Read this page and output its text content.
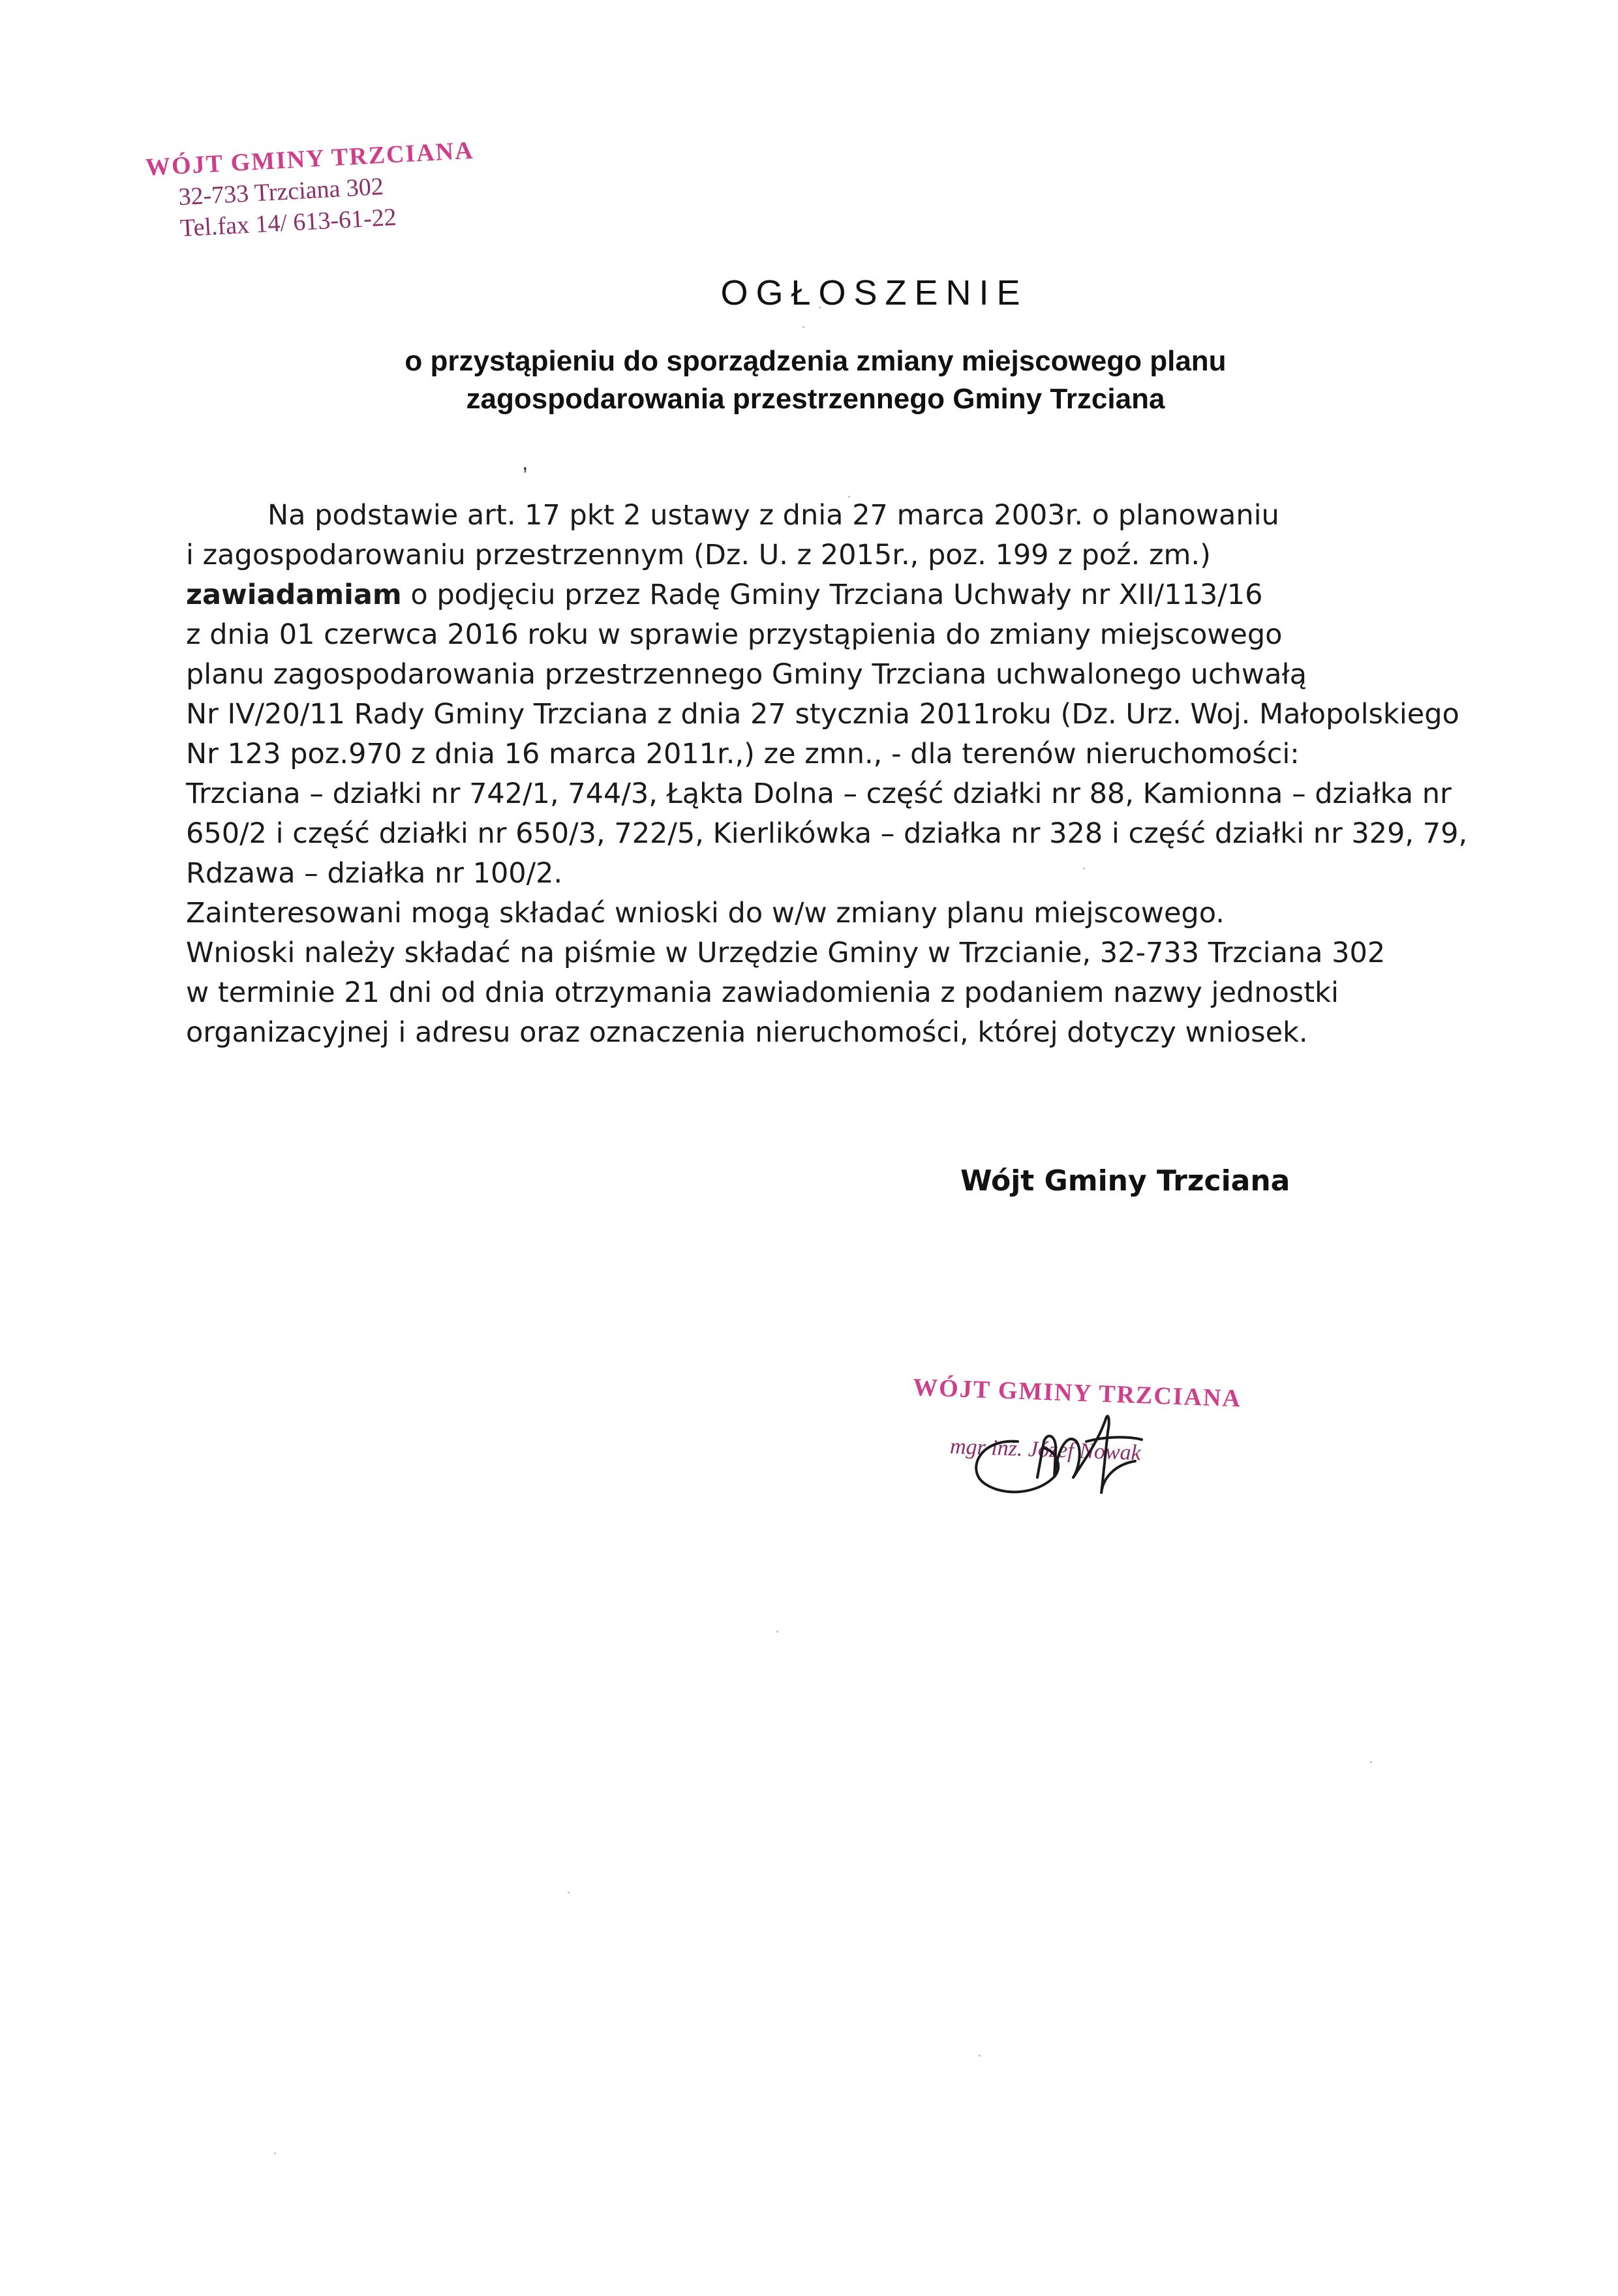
WÓJT GMINY TRZCIANA
32-733 Trzciana 302
Tel.fax 14/ 613-61-22
OGŁOSZENIE
o przystąpieniu do sporządzenia zmiany miejscowego planu
zagospodarowania przestrzennego Gminy Trzciana
,
Na podstawie art. 17 pkt 2 ustawy z dnia 27 marca 2003r. o planowaniu
i zagospodarowaniu przestrzennym (Dz. U. z 2015r., poz. 199 z poź. zm.)
zawiadamiam o podjęciu przez Radę Gminy Trzciana Uchwały nr XII/113/16
z dnia 01 czerwca 2016 roku w sprawie przystąpienia do zmiany miejscowego
planu zagospodarowania przestrzennego Gminy Trzciana uchwalonego uchwałą
Nr IV/20/11 Rady Gminy Trzciana z dnia 27 stycznia 2011roku (Dz. Urz. Woj. Małopolskiego
Nr 123 poz.970 z dnia 16 marca 2011r.,) ze zmn., - dla terenów nieruchomości:
Trzciana – działki nr 742/1, 744/3, Łąkta Dolna – część działki nr 88, Kamionna – działka nr
650/2 i część działki nr 650/3, 722/5, Kierlikówka – działka nr 328 i część działki nr 329, 79,
Rdzawa – działka nr 100/2.
Zainteresowani mogą składać wnioski do w/w zmiany planu miejscowego.
Wnioski należy składać na piśmie w Urzędzie Gminy w Trzcianie, 32-733 Trzciana 302
w terminie 21 dni od dnia otrzymania zawiadomienia z podaniem nazwy jednostki
organizacyjnej i adresu oraz oznaczenia nieruchomości, której dotyczy wniosek.
Wójt Gminy Trzciana
WÓJT GMINY TRZCIANA
mgr inż. Józef Nowak
